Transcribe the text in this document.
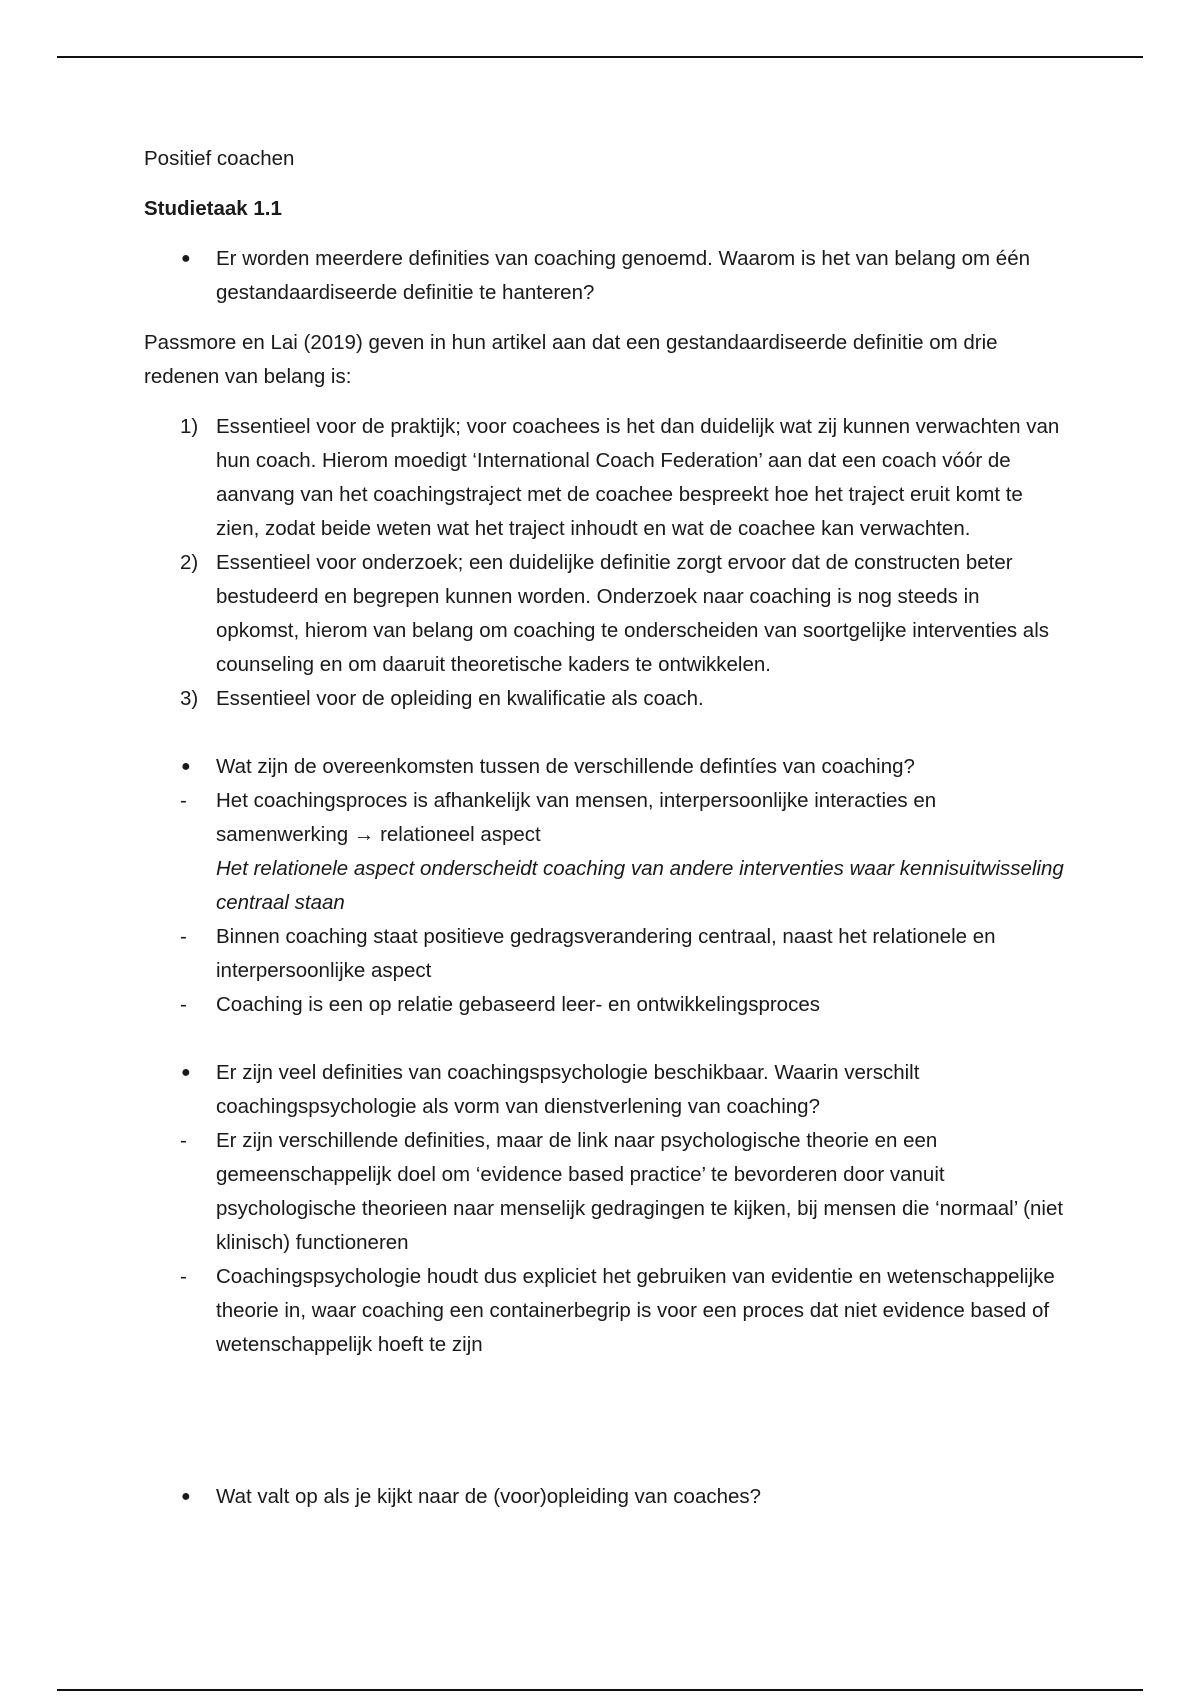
Positief coachen

Studietaak 1.1

●	Er worden meerdere definities van coaching genoemd. Waarom is het van belang om één gestandaardiseerde definitie te hanteren?

Passmore en Lai (2019) geven in hun artikel aan dat een gestandaardiseerde definitie om drie redenen van belang is:

1) Essentieel voor de praktijk; voor coachees is het dan duidelijk wat zij kunnen verwachten van hun coach. Hierom moedigt ‘International Coach Federation’ aan dat een coach vóór de aanvang van het coachingstraject met de coachee bespreekt hoe het traject eruit komt te zien, zodat beide weten wat het traject inhoudt en wat de coachee kan verwachten.
2) Essentieel voor onderzoek; een duidelijke definitie zorgt ervoor dat de constructen beter bestudeerd en begrepen kunnen worden. Onderzoek naar coaching is nog steeds in opkomst, hierom van belang om coaching te onderscheiden van soortgelijke interventies als counseling en om daaruit theoretische kaders te ontwikkelen.
3) Essentieel voor de opleiding en kwalificatie als coach.
●	Wat zijn de overeenkomsten tussen de verschillende defintíes van coaching?
-	Het coachingsproces is afhankelijk van mensen, interpersoonlijke interacties en samenwerking → relationeel aspect
Het relationele aspect onderscheidt coaching van andere interventies waar kennisuitwisseling centraal staan
-	Binnen coaching staat positieve gedragsverandering centraal, naast het relationele en interpersoonlijke aspect
-	Coaching is een op relatie gebaseerd leer- en ontwikkelingsproces
●	Er zijn veel definities van coachingspsychologie beschikbaar. Waarin verschilt coachingspsychologie als vorm van dienstverlening van coaching?
-	Er zijn verschillende definities, maar de link naar psychologische theorie en een gemeenschappelijk doel om ‘evidence based practice’ te bevorderen door vanuit psychologische theorieen naar menselijk gedragingen te kijken, bij mensen die ‘normaal’ (niet klinisch) functioneren
-	Coachingspsychologie houdt dus expliciet het gebruiken van evidentie en wetenschappelijke theorie in, waar coaching een containerbegrip is voor een proces dat niet evidence based of wetenschappelijk hoeft te zijn
●	Wat valt op als je kijkt naar de (voor)opleiding van coaches?
